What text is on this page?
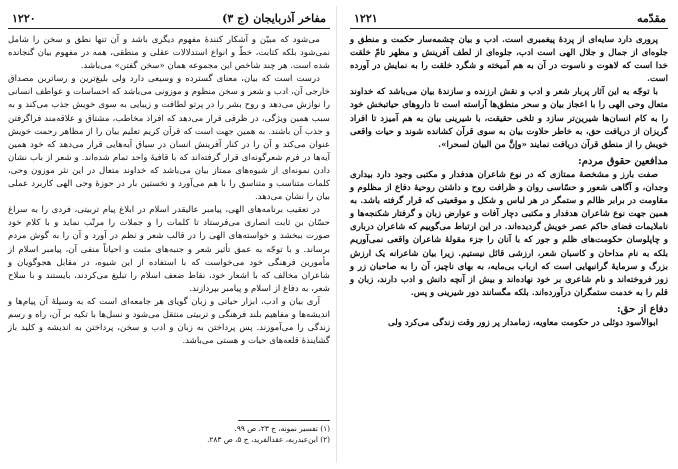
۱۲۲۰	مفاخر آذربایجان (ج ۳)

می‌شود که مبیّن و آشکار کنندهٔ مفهوم دیگری باشد و آن تنها نطق و سخن را شامل نمی‌شود بلکه کتابت، خطّ و انواع استدلالات عقلی و منطقی، همه در مفهوم بیان گنجانده شده است. هر چند شاخص این مجموعه همان «سخن گفتن» می‌باشد.

درست است که بیان، معنای گسترده و وسیعی دارد ولی بلیغ‌ترین و رساترین مصداق خارجی آن، ادب و شعر و سخن منظوم و موزونی می‌باشد که احساسات و عواطف انسانی را نوازش می‌دهد و روح بشر را در پرتو لطافت و زیبایی به سوی خویش جذب می‌کند و به سبب همین ویژگی، در ظرفی قرار می‌دهد که افراد مخاطب، مشتاق و علاقه‌مند فراگرفتن و جذب آن باشند. به همین جهت است که قرآن کریم تعلیم بیان را از مظاهر رحمت خویش عنوان می‌کند و آن را در کنار آفرینش انسان در سیاق آیه‌هایی قرار می‌دهد که خود همین آیه‌ها در فرم شعرگونه‌ای قرار گرفته‌اند که با قافیهٔ واحد تمام شده‌اند. و شعر از باب نشان دادن نمونه‌ای از شیوه‌های ممتاز بیان می‌باشد که خداوند متعال در این نثر موزون وحی، کلمات متناسب و متناسق را با هم می‌آورد و نخستین بار در حوزهٔ وحی الهی کاربرد عملی بیان را نشان می‌دهد.

در تعقیب برنامه‌های الهی، پیامبر عالیقدر اسلام در ابلاغ پیام تربیتی، فردی را به سراغ حسّان بن ثابت انصاری می‌فرستاد تا کلمات را و جملات را مرتّب نماید و با کلام خود صورت ببخشد و خواسته‌های الهی را در قالب شعر و نظم در آورد و آن را به گوش مردم برساند. و با توجّه به عمق تأثیر شعر و جنبه‌های مثبت و احیاناً منفی آن، پیامبر اسلام از مأمورین فرهنگی خود می‌خواست که با استفاده از این شیوه، در مقابل هجوگویان و شاعران مخالف که با اشعار خود، نقاط ضعف اسلام را تبلیغ می‌کردند، بایستند و با سلاح شعر، به دفاع از اسلام و پیامبر بپردازند.

آری بیان و ادب، ابزار حیاتی و زبان گویای هر جامعه‌ای است که به وسیلهٔ آن پیام‌ها و اندیشه‌ها و مفاهیم بلند فرهنگی و تربیتی منتقل می‌شود و نسل‌ها با تکیه بر آن، راه و رسم زندگی را می‌آموزند. پس پرداختن به زبان و ادب و سخن، پرداختن به اندیشه و کلید باز گشایندهٔ قلعه‌های حیات و هستی می‌باشد.

(۱) تفسیر نمونه، ج ۲۳، ص ۹۹.

(۲) ابن‌عبدربه، عقدالفرید، ج ۵، ص ۲۸۳.

۱۲۲۱	مقدّمه

پروری دارد سایه‌ای از پردهٔ پیغمبری است. ادب و بیان چشمه‌سار حکمت و منطق و جلوه‌ای از جمال و جلال الهی است ادب، جلوه‌ای از لطف آفرینش و مظهر تامّ خلقت خدا است که لاهوت و ناسوت در آن به هم آمیخته و شگرد خلقت را به نمایش در آورده است.

با توجّه به این آثار پربار شعر و ادب و نقش ارزنده و سازندهٔ بیان می‌باشد که خداوند متعال وحی الهی را با اعجاز بیان و سحر منطق‌ها آراسته است تا داروهای حیاتبخش خود را به کام انسان‌ها شیرین‌تر سازد و تلخی حقیقت، با شیرینی بیان به هم آمیزد تا افراد گریزان از دریافت حق، به خاطر حلاوت بیان به سوی قرآن کشانده شوند و حیات واقعی خویش را از منطق قرآن دریافت نمایند «وإنَّ من البیان لسحرا».

مدافعین حقوق مردم:

صفت بارز و مشخصهٔ ممتازی که در نوع شاعران هدفدار و مکتبی وجود دارد بیداری وجدان، و آگاهی شعور و حسّاسی روان و ظرافت روح و داشتن روحیهٔ دفاع از مظلوم و مقاومت در برابر ظالم و ستمگر در هر لباس و شکل و موقعیتی که قرار گرفته باشد. به همین جهت نوع شاعران هدفدار و مکتبی دچار آفات و عوارض زبان و گرفتار شکنجه‌ها و ناملایمات فضای حاکم عصر خویش گردیده‌اند. در این ارتباط می‌گوییم که شاعران درباری و چاپلوسان حکومت‌های ظلم و جور که با آنان را جزء مقولهٔ شاعران واقعی نمی‌آوریم بلکه به نام مداحان و کاسبان شعر، ارزشی قائل نیستیم. زیرا بیان شاعرانه یک ارزش بزرگ و سرمایهٔ گرانبهایی است که ارباب بی‌مایه، به بهای ناچیز، آن را به صاحبان زر و زور فروخته‌اند و نام شاعری بر خود نهاده‌اند و بیش از آنچه دانش و ادب دارند، زبان و قلم را به خدمت ستمگران درآورده‌اند. بلکه مگسانند دور شیرینی و پس.

دفاع از حق:

ابوالأسود دوئلی در حکومت معاویه، زمامدار پر زور وقت زندگی می‌کرد ولی
